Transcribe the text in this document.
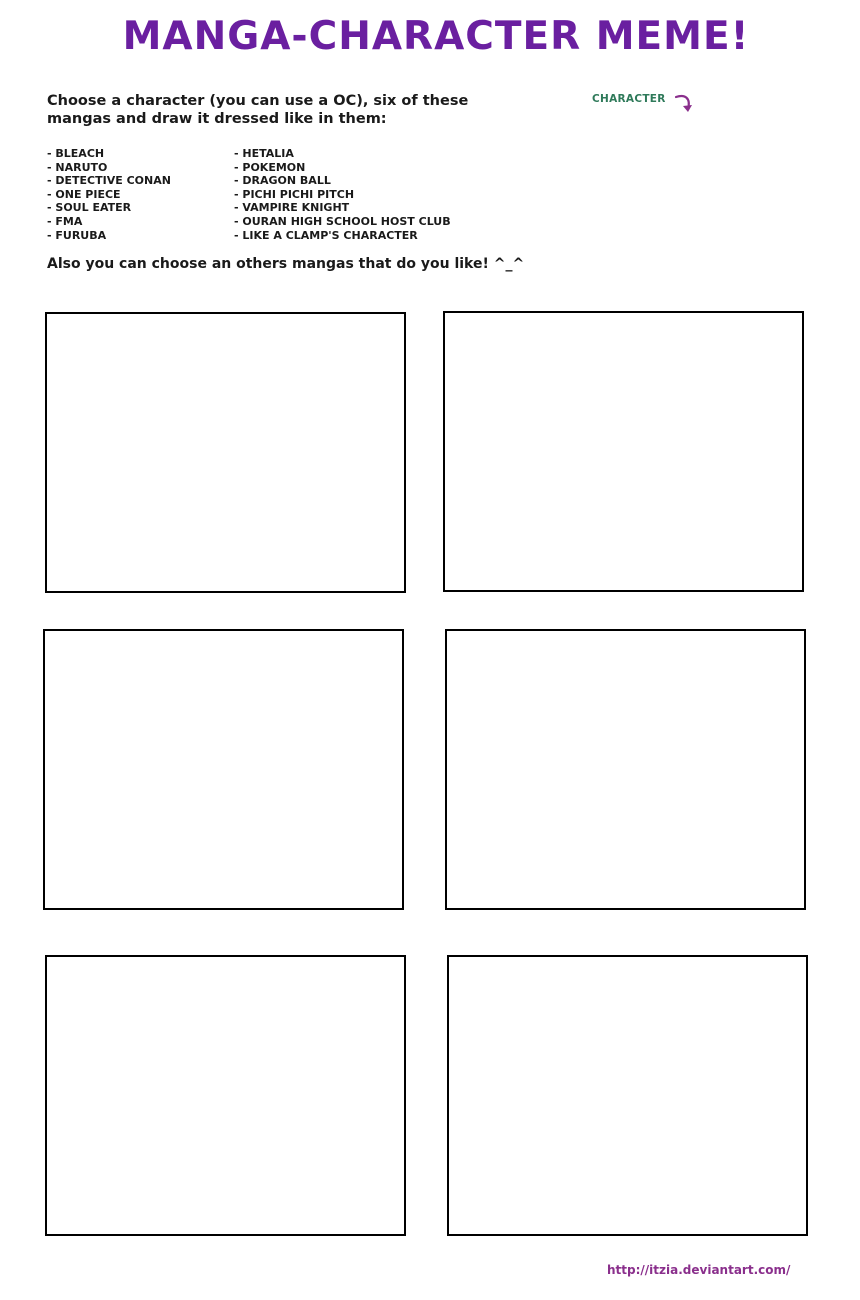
MANGA-CHARACTER MEME!
Choose a character (you can use a OC), six of these mangas and draw it dressed like in them:
CHARACTER
- BLEACH
- NARUTO
- DETECTIVE CONAN
- ONE PIECE
- SOUL EATER
- FMA
- FURUBA
- HETALIA
- POKEMON
- DRAGON BALL
- PICHI PICHI PITCH
- VAMPIRE KNIGHT
- OURAN HIGH SCHOOL HOST CLUB
- LIKE A CLAMP'S CHARACTER
Also you can choose an others mangas that do you like! ^_^
http://itzia.deviantart.com/
